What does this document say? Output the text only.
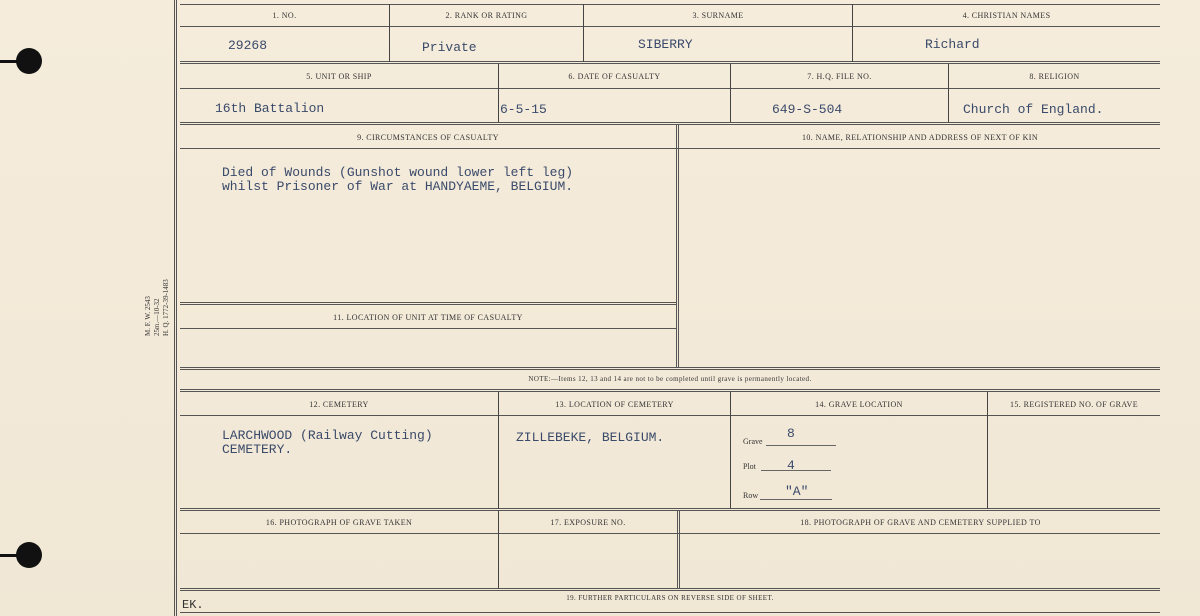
M. F. W. 2543 25m.—10-32 H. Q. 1772-39-1483
1. NO.	2. RANK OR RATING	3. SURNAME	4. CHRISTIAN NAMES
29268	Private	SIBERRY	Richard
5. UNIT OR SHIP	6. DATE OF CASUALTY	7. H.Q. FILE NO.	8. RELIGION
16th Battalion	6-5-15	649-S-504	Church of England.
9. CIRCUMSTANCES OF CASUALTY	10. NAME, RELATIONSHIP AND ADDRESS OF NEXT OF KIN
Died of Wounds (Gunshot wound lower left leg)
whilst Prisoner of War at HANDYAEME, BELGIUM.
11. LOCATION OF UNIT AT TIME OF CASUALTY
NOTE:—Items 12, 13 and 14 are not to be completed until grave is permanently located.
12. CEMETERY	13. LOCATION OF CEMETERY	14. GRAVE LOCATION	15. REGISTERED NO. OF GRAVE
LARCHWOOD (Railway Cutting)
CEMETERY.
ZILLEBEKE, BELGIUM.	Grave
8
Plot 4
Row "A"
16. PHOTOGRAPH OF GRAVE TAKEN	17. EXPOSURE NO.	18. PHOTOGRAPH OF GRAVE AND CEMETERY SUPPLIED TO
19. FURTHER PARTICULARS ON REVERSE SIDE OF SHEET.
EK.
